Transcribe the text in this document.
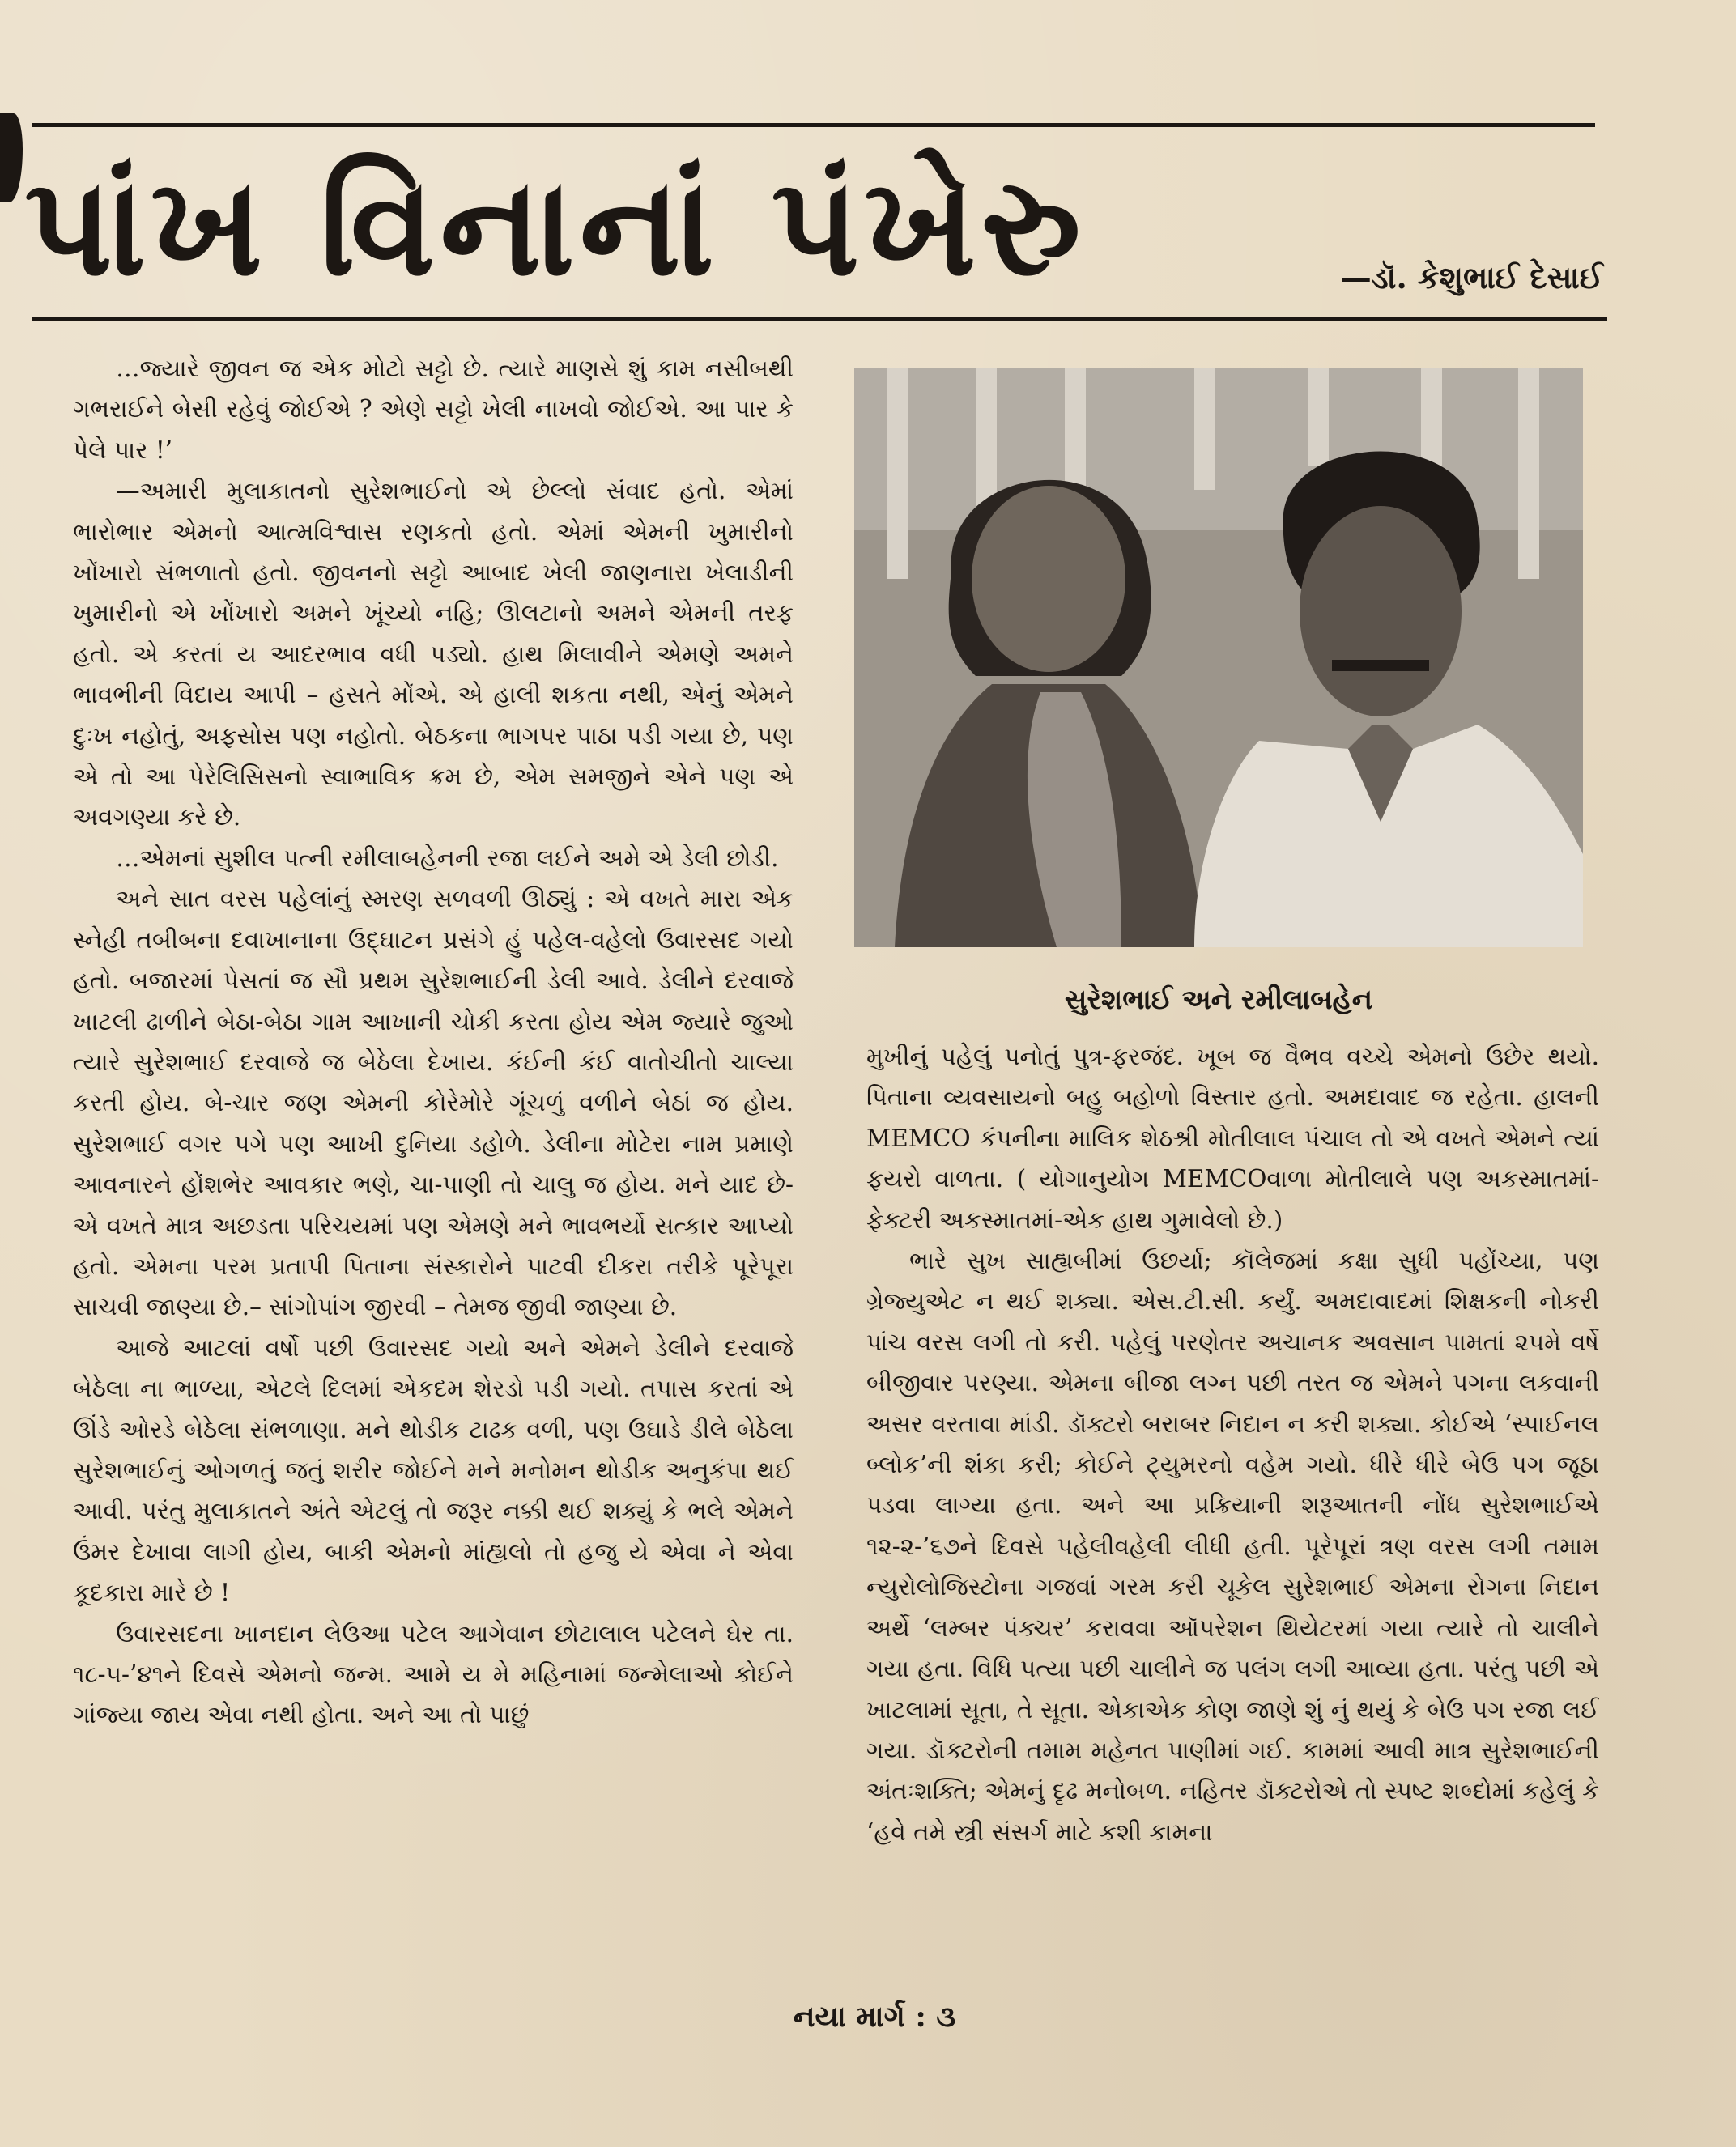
પાંખ વિનાનાં પંખેરુ	—ડૉ. કેશુભાઈ દેસાઈ

…જ્યારે જીવન જ એક મોટો સટ્ટો છે. ત્યારે માણસે શું કામ નસીબથી ગભરાઈને બેસી રહેવું જોઈએ ? એણે સટ્ટો ખેલી નાખવો જોઈએ. આ પાર કે પેલે પાર !’

—અમારી મુલાકાતનો સુરેશભાઈનો એ છેલ્લો સંવાદ હતો. એમાં ભારોભાર એમનો આત્મવિશ્વાસ રણકતો હતો. એમાં એમની ખુમારીનો ખોંખારો સંભળાતો હતો. જીવનનો સટ્ટો આબાદ ખેલી જાણનારા ખેલાડીની ખુમારીનો એ ખોંખારો અમને ખૂંચ્યો નહિ; ઊલટાનો અમને એમની તરફ હતો. એ કરતાં ય આદરભાવ વધી પડ્યો. હાથ મિલાવીને એમણે અમને ભાવભીની વિદાય આપી – હસતે મોંએ. એ હાલી શકતા નથી, એનું એમને દુઃખ નહોતું, અફસોસ પણ નહોતો. બેઠકના ભાગપર પાઠા પડી ગયા છે, પણ એ તો આ પેરેલિસિસનો સ્વાભાવિક ક્રમ છે, એમ સમજીને એને પણ એ અવગણ્યા કરે છે.

…એમનાં સુશીલ પત્ની રમીલાબહેનની રજા લઈને અમે એ ડેલી છોડી.

અને સાત વરસ પહેલાંનું સ્મરણ સળવળી ઊઠ્યું : એ વખતે મારા એક સ્નેહી તબીબના દવાખાનાના ઉદ્ઘાટન પ્રસંગે હું પહેલ-વહેલો ઉવારસદ ગયો હતો. બજારમાં પેસતાં જ સૌ પ્રથમ સુરેશભાઈની ડેલી આવે. ડેલીને દરવાજે ખાટલી ઢાળીને બેઠા-બેઠા ગામ આખાની ચોકી કરતા હોય એમ જ્યારે જુઓ ત્યારે સુરેશભાઈ દરવાજે જ બેઠેલા દેખાય. કંઈની કંઈ વાતોચીતો ચાલ્યા કરતી હોય. બે-ચાર જણ એમની કોરેમોરે ગૂંચળું વળીને બેઠાં જ હોય. સુરેશભાઈ વગર પગે પણ આખી દુનિયા ડહોળે. ડેલીના મોટેરા નામ પ્રમાણે આવનારને હોંશભેર આવકાર ભણે, ચા-પાણી તો ચાલુ જ હોય. મને યાદ છે-એ વખતે માત્ર અછડતા પરિચયમાં પણ એમણે મને ભાવભર્યો સત્કાર આપ્યો હતો. એમના પરમ પ્રતાપી પિતાના સંસ્કારોને પાટવી દીકરા તરીકે પૂરેપૂરા સાચવી જાણ્યા છે.– સાંગોપાંગ જીરવી – તેમજ જીવી જાણ્યા છે.

આજે આટલાં વર્ષો પછી ઉવારસદ ગયો અને એમને ડેલીને દરવાજે બેઠેલા ના ભાળ્યા, એટલે દિલમાં એકદમ શેરડો પડી ગયો. તપાસ કરતાં એ ઊંડે ઓરડે બેઠેલા સંભળાણા. મને થોડીક ટાઢક વળી, પણ ઉઘાડે ડીલે બેઠેલા સુરેશભાઈનું ઓગળતું જતું શરીર જોઈને મને મનોમન થોડીક અનુકંપા થઈ આવી. પરંતુ મુલાકાતને અંતે એટલું તો જરૂર નક્કી થઈ શક્યું કે ભલે એમને ઉંમર દેખાવા લાગી હોય, બાકી એમનો માંહ્યલો તો હજુ યે એવા ને એવા કૂદકારા મારે છે !

ઉવારસદના ખાનદાન લેઉઆ પટેલ આગેવાન છોટાલાલ પટેલને ઘેર તા. ૧૮-૫-’૪૧ને દિવસે એમનો જન્મ. આમે ય મે મહિનામાં જન્મેલાઓ કોઈને ગાંજ્યા જાય એવા નથી હોતા. અને આ તો પાછું

સુરેશભાઈ અને રમીલાબહેન

મુખીનું પહેલું પનોતું પુત્ર-ફરજંદ. ખૂબ જ વૈભવ વચ્ચે એમનો ઉછેર થયો. પિતાના વ્યવસાયનો બહુ બહોળો વિસ્તાર હતો. અમદાવાદ જ રહેતા. હાલની MEMCO કંપનીના માલિક શેઠશ્રી મોતીલાલ પંચાલ તો એ વખતે એમને ત્યાં ફયરો વાળતા. ( યોગાનુયોગ MEMCOવાળા મોતીલાલે પણ અકસ્માતમાં-ફેક્ટરી અકસ્માતમાં-એક હાથ ગુમાવેલો છે.)

ભારે સુખ સાહ્યબીમાં ઉછર્યા; કૉલેજમાં કક્ષા સુધી પહોંચ્યા, પણ ગ્રેજ્યુએટ ન થઈ શક્યા. એસ.ટી.સી. કર્યું. અમદાવાદમાં શિક્ષકની નોકરી પાંચ વરસ લગી તો કરી. પહેલું પરણેતર અચાનક અવસાન પામતાં ૨૫મે વર્ષે બીજીવાર પરણ્યા. એમના બીજા લગ્ન પછી તરત જ એમને પગના લકવાની અસર વરતાવા માંડી. ડૉક્ટરો બરાબર નિદાન ન કરી શક્યા. કોઈએ ‘સ્પાઈનલ બ્લોક’ની શંકા કરી; કોઈને ટ્યુમરનો વહેમ ગયો. ધીરે ધીરે બેઉ પગ જૂઠા પડવા લાગ્યા હતા. અને આ પ્રક્રિયાની શરૂઆતની નોંધ સુરેશભાઈએ ૧૨-૨-’૬૭ને દિવસે પહેલીવહેલી લીધી હતી. પૂરેપૂરાં ત્રણ વરસ લગી તમામ ન્યુરોલોજિસ્ટોના ગજવાં ગરમ કરી ચૂકેલ સુરેશભાઈ એમના રોગના નિદાન અર્થે ‘લમ્બર પંક્ચર’ કરાવવા ઑપરેશન થિયેટરમાં ગયા ત્યારે તો ચાલીને ગયા હતા. વિધિ પત્યા પછી ચાલીને જ પલંગ લગી આવ્યા હતા. પરંતુ પછી એ ખાટલામાં સૂતા, તે સૂતા. એકાએક કોણ જાણે શું નું થયું કે બેઉ પગ રજા લઈ ગયા. ડૉક્ટરોની તમામ મહેનત પાણીમાં ગઈ. કામમાં આવી માત્ર સુરેશભાઈની અંતઃશક્તિ; એમનું દૃઢ મનોબળ. નહિતર ડૉક્ટરોએ તો સ્પષ્ટ શબ્દોમાં કહેલું કે ‘હવે તમે સ્ત્રી સંસર્ગ માટે કશી કામના

નયા માર્ગ : ૩
